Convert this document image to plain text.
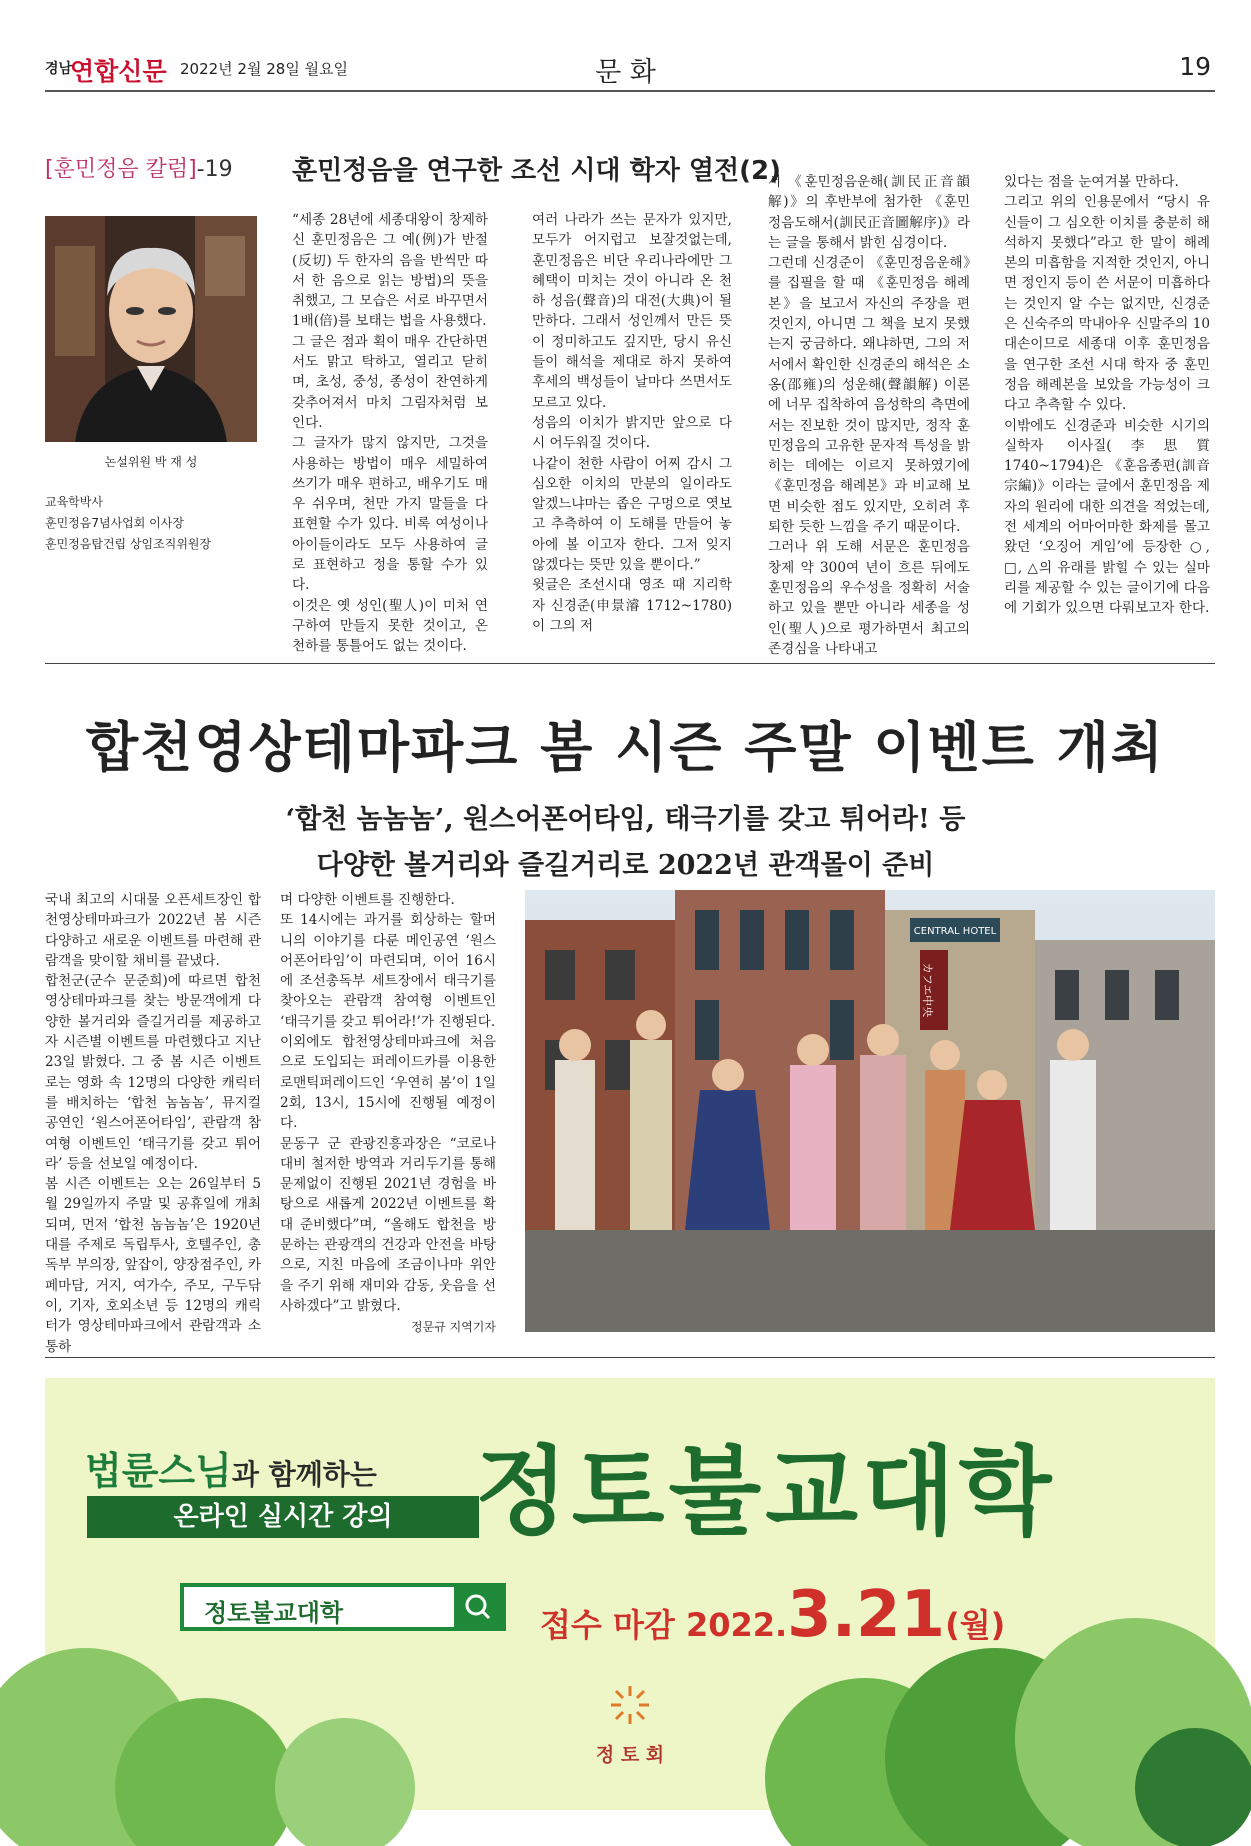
경남
연합신문 2022년 2월 28일 월요일	문 화	19
[훈민정음 칼럼]-19 훈민정음을 연구한 조선 시대 학자 열전(2)
논설위원 박 재 성
교육학박사
훈민정음7념사업회 이사장
훈민정음탑건립 상임조직위원장
“세종 28년에 세종대왕이 창제하신 훈민정음은 그 예(例)가 반절(反切) 두 한자의 음을 반씩만 따서 한 음으로 읽는 방법)의 뜻을 취했고, 그 모습은 서로 바꾸면서 1배(倍)를 보태는 법을 사용했다.
그 글은 점과 획이 매우 간단하면서도 맑고 탁하고, 열리고 닫히며, 초성, 중성, 종성이 찬연하게 갖추어져서 마치 그림자처럼 보인다.
그 글자가 많지 않지만, 그것을 사용하는 방법이 매우 세밀하여 쓰기가 매우 편하고, 배우기도 매우 쉬우며, 천만 가지 말들을 다 표현할 수가 있다. 비록 여성이나 아이들이라도 모두 사용하여 글로 표현하고 정을 통할 수가 있다.
이것은 옛 성인(聖人)이 미처 연구하여 만들지 못한 것이고, 온 천하를 통틀어도 없는 것이다.
여러 나라가 쓰는 문자가 있지만, 모두가 어지럽고 보잘것없는데, 훈민정음은 비단 우리나라에만 그 혜택이 미치는 것이 아니라 온 천하 성음(聲音)의 대전(大典)이 될 만하다. 그래서 성인께서 만든 뜻이 정미하고도 깊지만, 당시 유신들이 해석을 제대로 하지 못하여 후세의 백성들이 날마다 쓰면서도 모르고 있다.
성음의 이치가 밝지만 앞으로 다시 어두워질 것이다.
나같이 천한 사람이 어찌 감시 그 심오한 이치의 만분의 일이라도 알겠느냐마는 좁은 구멍으로 엿보고 추측하여 이 도해를 만들어 놓아에 볼 이고자 한다. 그저 잊지 않겠다는 뜻만 있을 뿐이다.”
윗글은 조선시대 영조 때 지리학자 신경준(申景濬 1712~1780)이 그의 저
서 《훈민정음운해(訓民正音韻解)》의 후반부에 첨가한 《훈민정음도해서(訓民正音圖解序)》라는 글을 통해서 밝힌 심경이다.
그런데 신경준이 《훈민정음운해》를 집필을 할 때 《훈민정음 해례본》을 보고서 자신의 주장을 편 것인지, 아니면 그 책을 보지 못했는지 궁금하다. 왜냐하면, 그의 저서에서 확인한 신경준의 해석은 소옹(邵雍)의 성운해(聲韻解) 이론에 너무 집착하여 음성학의 측면에서는 진보한 것이 많지만, 정작 훈민정음의 고유한 문자적 특성을 밝히는 데에는 이르지 못하였기에 《훈민정음 해례본》과 비교해 보면 비슷한 점도 있지만, 오히려 후퇴한 듯한 느낌을 주기 때문이다.
그러나 위 도해 서문은 훈민정음 창제 약 300여 년이 흐른 뒤에도 훈민정음의 우수성을 정확히 서술하고 있을 뿐만 아니라 세종을 성인(聖人)으로 평가하면서 최고의 존경심을 나타내고
있다는 점을 눈여겨볼 만하다.
그리고 위의 인용문에서 “당시 유신들이 그 심오한 이치를 충분히 해석하지 못했다”라고 한 말이 해례본의 미흡함을 지적한 것인지, 아니면 정인지 등이 쓴 서문이 미흡하다는 것인지 알 수는 없지만, 신경준은 신숙주의 막내아우 신말주의 10대손이므로 세종대 이후 훈민정음을 연구한 조선 시대 학자 중 훈민정음 해례본을 보았을 가능성이 크다고 추측할 수 있다.
이밖에도 신경준과 비슷한 시기의 실학자 이사질(李思質 1740~1794)은 《훈음종편(訓音宗編)》이라는 글에서 훈민정음 제자의 원리에 대한 의견을 적었는데, 전 세계의 어마어마한 화제를 몰고 왔던 ‘오징어 게임’에 등장한 ○, □, △의 유래를 밝힐 수 있는 실마리를 제공할 수 있는 글이기에 다음에 기회가 있으면 다뤄보고자 한다.
합천영상테마파크 봄 시즌 주말 이벤트 개최
‘합천 놈놈놈’, 원스어폰어타임, 태극기를 갖고 튀어라! 등
다양한 볼거리와 즐길거리로 2022년 관객몰이 준비
국내 최고의 시대물 오픈세트장인 합천영상테마파크가 2022년 봄 시즌 다양하고 새로운 이벤트를 마련해 관람객을 맞이할 채비를 끝냈다.
합천군(군수 문준희)에 따르면 합천영상테마파크를 찾는 방문객에게 다양한 볼거리와 즐길거리를 제공하고자 시즌별 이벤트를 마련했다고 지난 23일 밝혔다. 그 중 봄 시즌 이벤트로는 영화 속 12명의 다양한 캐릭터를 배치하는 ‘합천 놈놈놈’, 뮤지컬 공연인 ‘원스어폰어타임’, 관람객 참여형 이벤트인 ‘태극기를 갖고 튀어라’ 등을 선보일 예정이다.
봄 시즌 이벤트는 오는 26일부터 5월 29일까지 주말 및 공휴일에 개최되며, 먼저 ‘합천 놈놈놈’은 1920년대를 주제로 독립투사, 호텔주인, 총독부 부의장, 앞잡이, 양장점주인, 카페마담, 거지, 여가수, 주모, 구두닦이, 기자, 호외소년 등 12명의 캐릭터가 영상테마파크에서 관람객과 소통하
며 다양한 이벤트를 진행한다.
또 14시에는 과거를 회상하는 할머니의 이야기를 다룬 메인공연 ‘원스어폰어타임’이 마련되며, 이어 16시에 조선총독부 세트장에서 태극기를 찾아오는 관람객 참여형 이벤트인 ‘태극기를 갖고 튀어라!’가 진행된다.
이외에도 합천영상테마파크에 처음으로 도입되는 퍼레이드카를 이용한 로맨틱퍼레이드인 ‘우연히 봄’이 1일 2회, 13시, 15시에 진행될 예정이다.
문동구 군 관광진흥과장은 “코로나 대비 철저한 방역과 거리두기를 통해 문제없이 진행된 2021년 경험을 바탕으로 새롭게 2022년 이벤트를 확대 준비했다”며, “올해도 합천을 방문하는 관광객의 건강과 안전을 바탕으로, 지친 마음에 조금이나마 위안을 주기 위해 재미와 감동, 웃음을 선사하겠다”고 밝혔다.
정문규 지역기자
CENTRAL HOTEL
カフエ中央
법륜스님과 함께하는
온라인 실시간 강의 정토불교대학
정토불교대학	접수 마감 2022.3.21(월)
정 토 회
